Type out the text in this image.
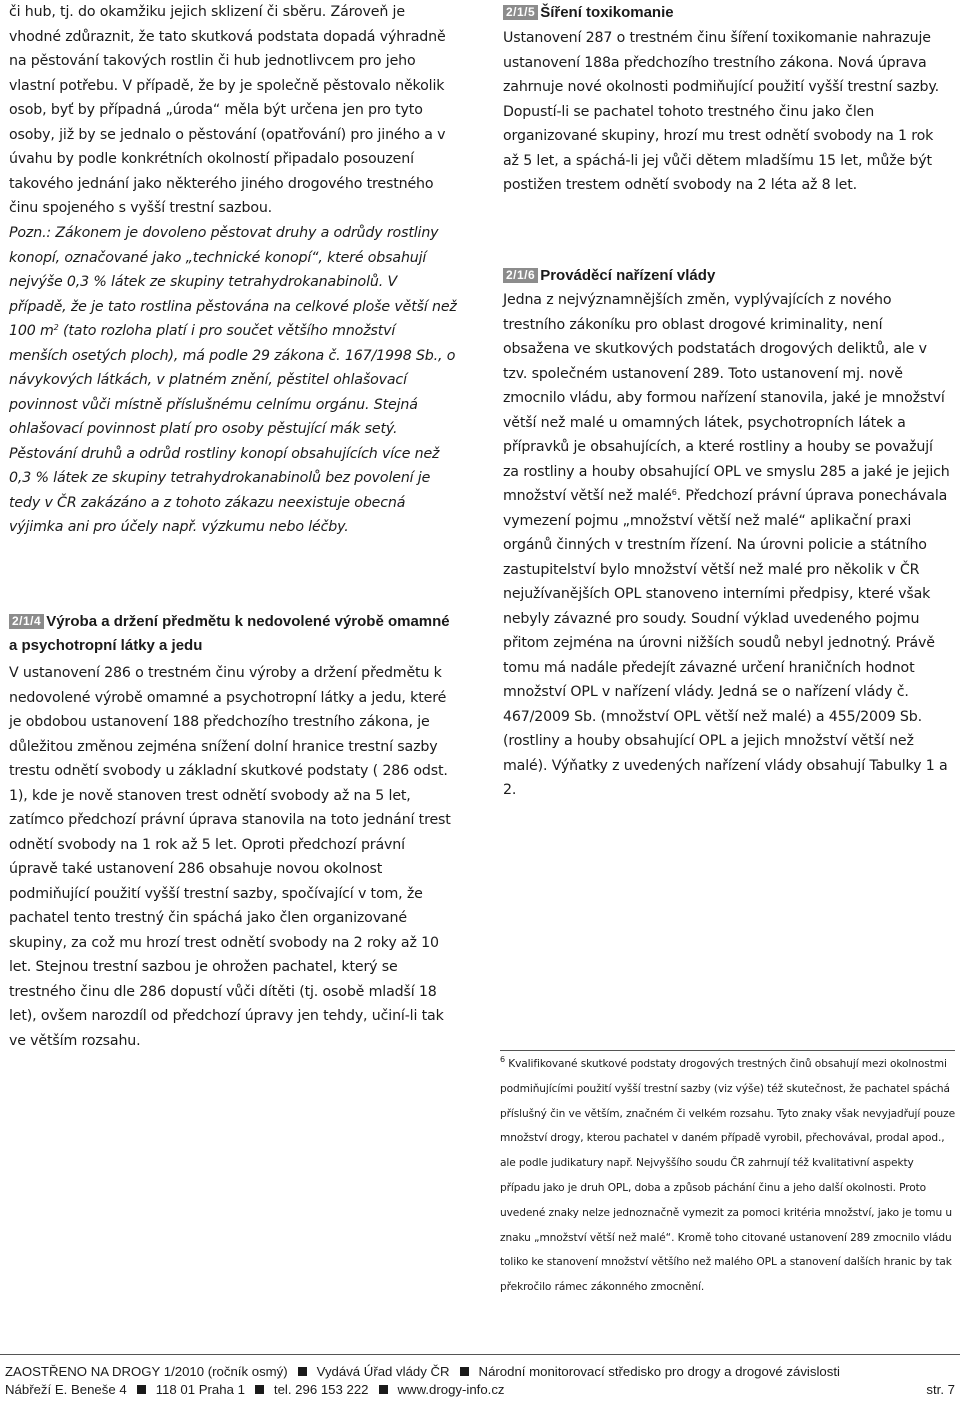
či hub, tj. do okamžiku jejich sklizení či sběru. Zároveň je vhodné zdůraznit, že tato skutková podstata dopadá výhradně na pěstování takových rostlin či hub jednotlivcem pro jeho vlastní potřebu. V případě, že by je společně pěstovalo několik osob, byť by případná „úroda“ měla být určena jen pro tyto osoby, již by se jednalo o pěstování (opatřování) pro jiného a v úvahu by podle konkrétních okolností připadalo posouzení takového jednání jako některého jiného drogového trestného činu spojeného s vyšší trestní sazbou.

Pozn.: Zákonem je dovoleno pěstovat druhy a odrůdy rostliny konopí, označované jako „technické konopí“, které obsahují nejvýše 0,3 % látek ze skupiny tetrahydrokanabinolů. V případě, že je tato rostlina pěstována na celkové ploše větší než 100 $m^2$ (tato rozloha platí i pro součet většího množství menších osetých ploch), má podle 29 zákona č. 167/1998 Sb., o návykových látkách, v platném znění, pěstitel ohlašovací povinnost vůči místně příslušnému celnímu orgánu. Stejná ohlašovací povinnost platí pro osoby pěstující mák setý. Pěstování druhů a odrůd rostliny konopí obsahujících více než 0,3 % látek ze skupiny tetrahydrokanabinolů bez povolení je tedy v ČR zakázáno a z tohoto zákazu neexistuje obecná výjimka ani pro účely např. výzkumu nebo léčby.

2/1/4 Výroba a držení předmětu k nedovolené výrobě omamné a psychotropní látky a jedu

V ustanovení 286 o trestném činu výroby a držení předmětu k nedovolené výrobě omamné a psychotropní látky a jedu, které je obdobou ustanovení 188 předchozího trestního zákona, je důležitou změnou zejména snížení dolní hranice trestní sazby trestu odnětí svobody u základní skutkové podstaty ( 286 odst. 1), kde je nově stanoven trest odnětí svobody až na 5 let, zatímco předchozí právní úprava stanovila na toto jednání trest odnětí svobody na 1 rok až 5 let. Oproti předchozí právní úpravě také ustanovení 286 obsahuje novou okolnost podmiňující použití vyšší trestní sazby, spočívající v tom, že pachatel tento trestný čin spáchá jako člen organizované skupiny, za což mu hrozí trest odnětí svobody na 2 roky až 10 let. Stejnou trestní sazbou je ohrožen pachatel, který se trestného činu dle 286 dopustí vůči dítěti (tj. osobě mladší 18 let), ovšem narozdíl od předchozí úpravy jen tehdy, učiní-li tak ve větším rozsahu.

2/1/5 Šíření toxikomanie

Ustanovení 287 o trestném činu šíření toxikomanie nahrazuje ustanovení 188a předchozího trestního zákona. Nová úprava zahrnuje nové okolnosti podmiňující použití vyšší trestní sazby. Dopustí-li se pachatel tohoto trestného činu jako člen organizované skupiny, hrozí mu trest odnětí svobody na 1 rok až 5 let, a spáchá-li jej vůči dětem mladšímu 15 let, může být postižen trestem odnětí svobody na 2 léta až 8 let.

2/1/6 Prováděcí nařízení vlády

Jedna z nejvýznamnějších změn, vyplývajících z nového trestního zákoníku pro oblast drogové kriminality, není obsažena ve skutkových podstatách drogových deliktů, ale v tzv. společném ustanovení 289. Toto ustanovení mj. nově zmocnilo vládu, aby formou nařízení stanovila, jaké je množství větší než malé u omamných látek, psychotropních látek a přípravků je obsahujících, a které rostliny a houby se považují za rostliny a houby obsahující OPL ve smyslu 285 a jaké je jejich množství větší než malé$^6$. Předchozí právní úprava ponechávala vymezení pojmu „množství větší než malé“ aplikační praxi orgánů činných v trestním řízení. Na úrovni policie a státního zastupitelství bylo množství větší než malé pro několik v ČR nejužívanějších OPL stanoveno interními předpisy, které však nebyly závazné pro soudy. Soudní výklad uvedeného pojmu přitom zejména na úrovni nižších soudů nebyl jednotný. Právě tomu má nadále předejít závazné určení hraničních hodnot množství OPL v nařízení vlády. Jedná se o nařízení vlády č. 467/2009 Sb. (množství OPL větší než malé) a 455/2009 Sb. (rostliny a houby obsahující OPL a jejich množství větší než malé). Výňatky z uvedených nařízení vlády obsahují Tabulky 1 a 2.

$^6$ Kvalifikované skutkové podstaty drogových trestných činů obsahují mezi okolnostmi podmiňujícími použití vyšší trestní sazby (viz výše) též skutečnost, že pachatel spáchá příslušný čin ve větším, značném či velkém rozsahu. Tyto znaky však nevyjadřují pouze množství drogy, kterou pachatel v daném případě vyrobil, přechovával, prodal apod., ale podle judikatury např. Nejvyššího soudu ČR zahrnují též kvalitativní aspekty případu jako je druh OPL, doba a způsob páchání činu a jeho další okolnosti. Proto uvedené znaky nelze jednoznačně vymezit za pomoci kritéria množství, jako je tomu u znaku „množství větší než malé“. Kromě toho citované ustanovení 289 zmocnilo vládu toliko ke stanovení množství většího než malého OPL a stanovení dalších hranic by tak překročilo rámec zákonného zmocnění.
ZAOSTŘENO NA DROGY 1/2010 (ročník osmý) Vydává Úřad vlády ČR Národní monitorovací středisko pro drogy a drogové závislosti
Nábřeží E. Beneše 4 118 01 Praha 1 tel. 296 153 222 www.drogy-info.cz	str. 7
